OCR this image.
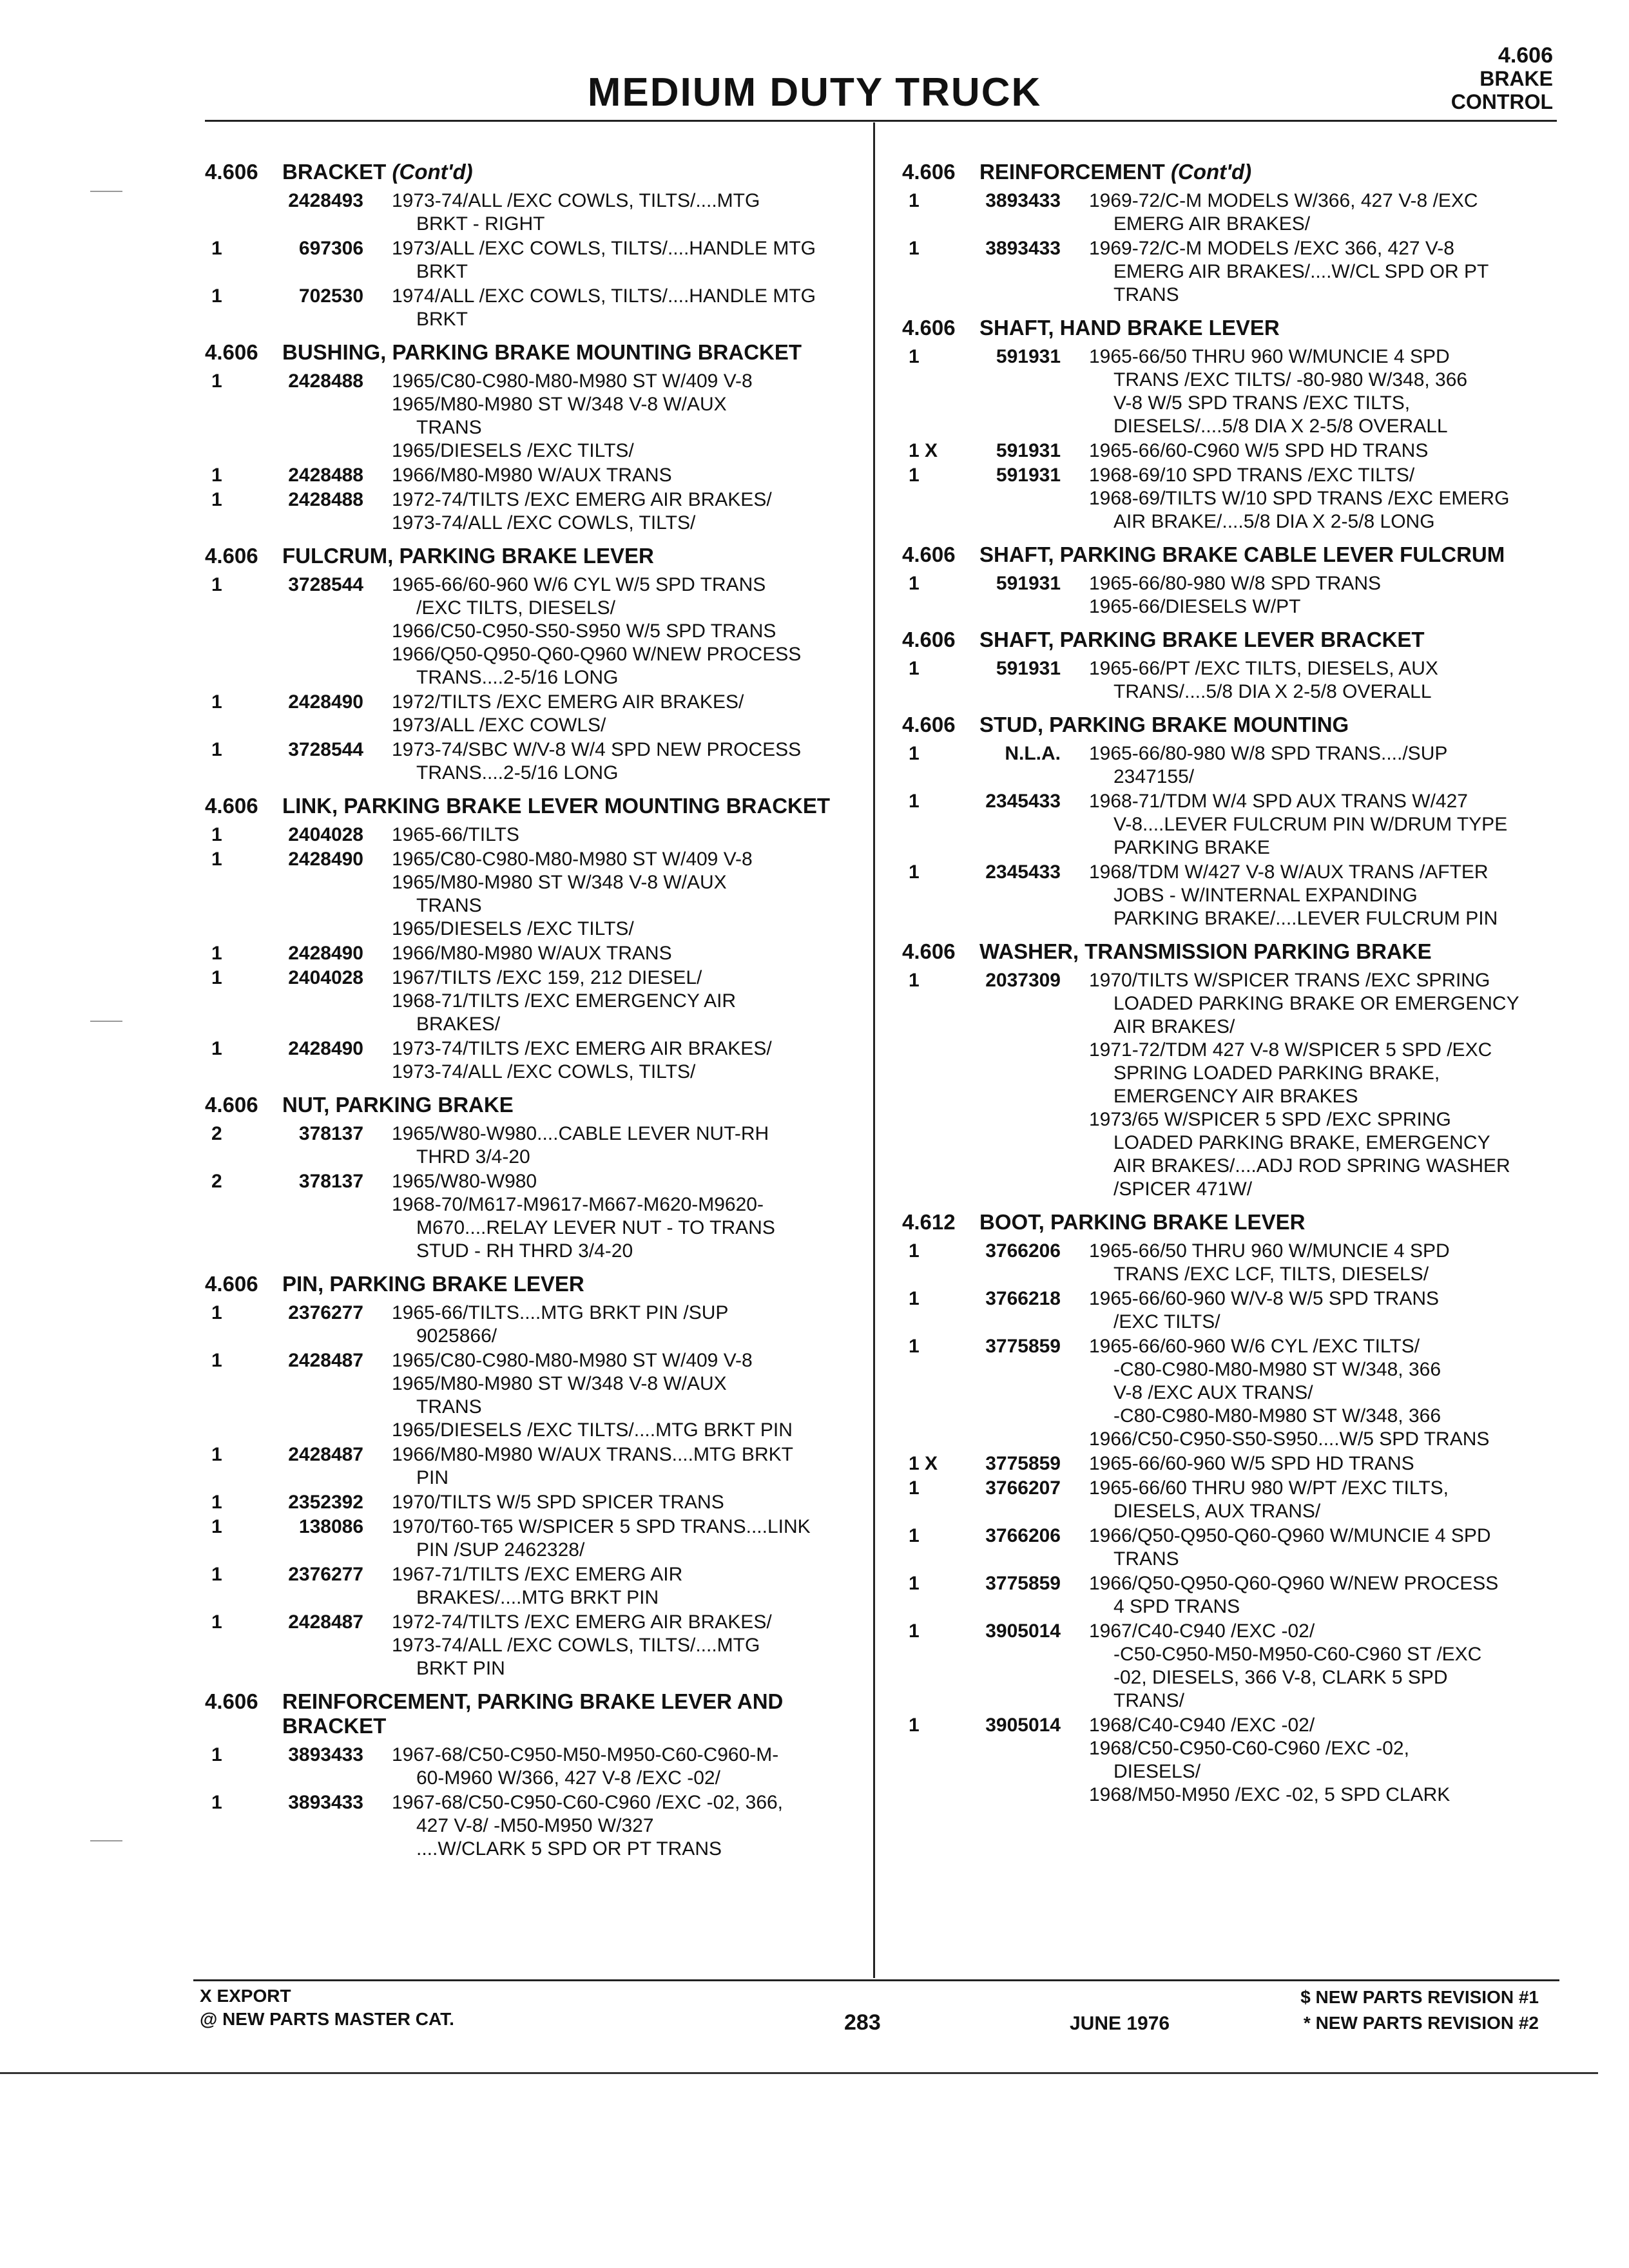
MEDIUM DUTY TRUCK
4.606
BRAKE
CONTROL
4.606	BRACKET (Cont'd)
2428493	1973-74/ALL /EXC COWLS, TILTS/....MTG
BRKT - RIGHT
1	697306	1973/ALL /EXC COWLS, TILTS/....HANDLE MTG
BRKT
1	702530	1974/ALL /EXC COWLS, TILTS/....HANDLE MTG
BRKT
4.606	BUSHING, PARKING BRAKE MOUNTING BRACKET
1	2428488	1965/C80-C980-M80-M980 ST W/409 V-8
1965/M80-M980 ST W/348 V-8 W/AUX
TRANS
1965/DIESELS /EXC TILTS/
1	2428488	1966/M80-M980 W/AUX TRANS
1	2428488	1972-74/TILTS /EXC EMERG AIR BRAKES/
1973-74/ALL /EXC COWLS, TILTS/
4.606	FULCRUM, PARKING BRAKE LEVER
1	3728544	1965-66/60-960 W/6 CYL W/5 SPD TRANS
/EXC TILTS, DIESELS/
1966/C50-C950-S50-S950 W/5 SPD TRANS
1966/Q50-Q950-Q60-Q960 W/NEW PROCESS
TRANS....2-5/16 LONG
1	2428490	1972/TILTS /EXC EMERG AIR BRAKES/
1973/ALL /EXC COWLS/
1	3728544	1973-74/SBC W/V-8 W/4 SPD NEW PROCESS
TRANS....2-5/16 LONG
4.606	LINK, PARKING BRAKE LEVER MOUNTING BRACKET
1	2404028	1965-66/TILTS
1	2428490	1965/C80-C980-M80-M980 ST W/409 V-8
1965/M80-M980 ST W/348 V-8 W/AUX
TRANS
1965/DIESELS /EXC TILTS/
1	2428490	1966/M80-M980 W/AUX TRANS
1	2404028	1967/TILTS /EXC 159, 212 DIESEL/
1968-71/TILTS /EXC EMERGENCY AIR
BRAKES/
1	2428490	1973-74/TILTS /EXC EMERG AIR BRAKES/
1973-74/ALL /EXC COWLS, TILTS/
4.606	NUT, PARKING BRAKE
2	378137	1965/W80-W980....CABLE LEVER NUT-RH
THRD 3/4-20
2	378137	1965/W80-W980
1968-70/M617-M9617-M667-M620-M9620-
M670....RELAY LEVER NUT - TO TRANS
STUD - RH THRD 3/4-20
4.606	PIN, PARKING BRAKE LEVER
1	2376277	1965-66/TILTS....MTG BRKT PIN /SUP
9025866/
1	2428487	1965/C80-C980-M80-M980 ST W/409 V-8
1965/M80-M980 ST W/348 V-8 W/AUX
TRANS
1965/DIESELS /EXC TILTS/....MTG BRKT PIN
1	2428487	1966/M80-M980 W/AUX TRANS....MTG BRKT
PIN
1	2352392	1970/TILTS W/5 SPD SPICER TRANS
1	138086	1970/T60-T65 W/SPICER 5 SPD TRANS....LINK
PIN /SUP 2462328/
1	2376277	1967-71/TILTS /EXC EMERG AIR
BRAKES/....MTG BRKT PIN
1	2428487	1972-74/TILTS /EXC EMERG AIR BRAKES/
1973-74/ALL /EXC COWLS, TILTS/....MTG
BRKT PIN
4.606	REINFORCEMENT, PARKING BRAKE LEVER AND BRACKET
1	3893433	1967-68/C50-C950-M50-M950-C60-C960-M-
60-M960 W/366, 427 V-8 /EXC -02/
1	3893433	1967-68/C50-C950-C60-C960 /EXC -02, 366,
427 V-8/ -M50-M950 W/327
....W/CLARK 5 SPD OR PT TRANS
4.606	REINFORCEMENT (Cont'd)
1	3893433	1969-72/C-M MODELS W/366, 427 V-8 /EXC
EMERG AIR BRAKES/
1	3893433	1969-72/C-M MODELS /EXC 366, 427 V-8
EMERG AIR BRAKES/....W/CL SPD OR PT
TRANS
4.606	SHAFT, HAND BRAKE LEVER
1	591931	1965-66/50 THRU 960 W/MUNCIE 4 SPD
TRANS /EXC TILTS/ -80-980 W/348, 366
V-8 W/5 SPD TRANS /EXC TILTS,
DIESELS/....5/8 DIA X 2-5/8 OVERALL
1 X	591931	1965-66/60-C960 W/5 SPD HD TRANS
1	591931	1968-69/10 SPD TRANS /EXC TILTS/
1968-69/TILTS W/10 SPD TRANS /EXC EMERG
AIR BRAKE/....5/8 DIA X 2-5/8 LONG
4.606	SHAFT, PARKING BRAKE CABLE LEVER FULCRUM
1	591931	1965-66/80-980 W/8 SPD TRANS
1965-66/DIESELS W/PT
4.606	SHAFT, PARKING BRAKE LEVER BRACKET
1	591931	1965-66/PT /EXC TILTS, DIESELS, AUX
TRANS/....5/8 DIA X 2-5/8 OVERALL
4.606	STUD, PARKING BRAKE MOUNTING
1	N.L.A.	1965-66/80-980 W/8 SPD TRANS..../SUP
2347155/
1	2345433	1968-71/TDM W/4 SPD AUX TRANS W/427
V-8....LEVER FULCRUM PIN W/DRUM TYPE
PARKING BRAKE
1	2345433	1968/TDM W/427 V-8 W/AUX TRANS /AFTER
JOBS - W/INTERNAL EXPANDING
PARKING BRAKE/....LEVER FULCRUM PIN
4.606	WASHER, TRANSMISSION PARKING BRAKE
1	2037309	1970/TILTS W/SPICER TRANS /EXC SPRING
LOADED PARKING BRAKE OR EMERGENCY
AIR BRAKES/
1971-72/TDM 427 V-8 W/SPICER 5 SPD /EXC
SPRING LOADED PARKING BRAKE,
EMERGENCY AIR BRAKES
1973/65 W/SPICER 5 SPD /EXC SPRING
LOADED PARKING BRAKE, EMERGENCY
AIR BRAKES/....ADJ ROD SPRING WASHER
/SPICER 471W/
4.612	BOOT, PARKING BRAKE LEVER
1	3766206	1965-66/50 THRU 960 W/MUNCIE 4 SPD
TRANS /EXC LCF, TILTS, DIESELS/
1	3766218	1965-66/60-960 W/V-8 W/5 SPD TRANS
/EXC TILTS/
1	3775859	1965-66/60-960 W/6 CYL /EXC TILTS/
-C80-C980-M80-M980 ST W/348, 366
V-8 /EXC AUX TRANS/
-C80-C980-M80-M980 ST W/348, 366
1966/C50-C950-S50-S950....W/5 SPD TRANS
1 X	3775859	1965-66/60-960 W/5 SPD HD TRANS
1	3766207	1965-66/60 THRU 980 W/PT /EXC TILTS,
DIESELS, AUX TRANS/
1	3766206	1966/Q50-Q950-Q60-Q960 W/MUNCIE 4 SPD
TRANS
1	3775859	1966/Q50-Q950-Q60-Q960 W/NEW PROCESS
4 SPD TRANS
1	3905014	1967/C40-C940 /EXC -02/
-C50-C950-M50-M950-C60-C960 ST /EXC
-02, DIESELS, 366 V-8, CLARK 5 SPD
TRANS/
1	3905014	1968/C40-C940 /EXC -02/
1968/C50-C950-C60-C960 /EXC -02,
DIESELS/
1968/M50-M950 /EXC -02, 5 SPD CLARK
X EXPORT
@ NEW PARTS MASTER CAT.	283	JUNE 1976
$ NEW PARTS REVISION #1
* NEW PARTS REVISION #2
